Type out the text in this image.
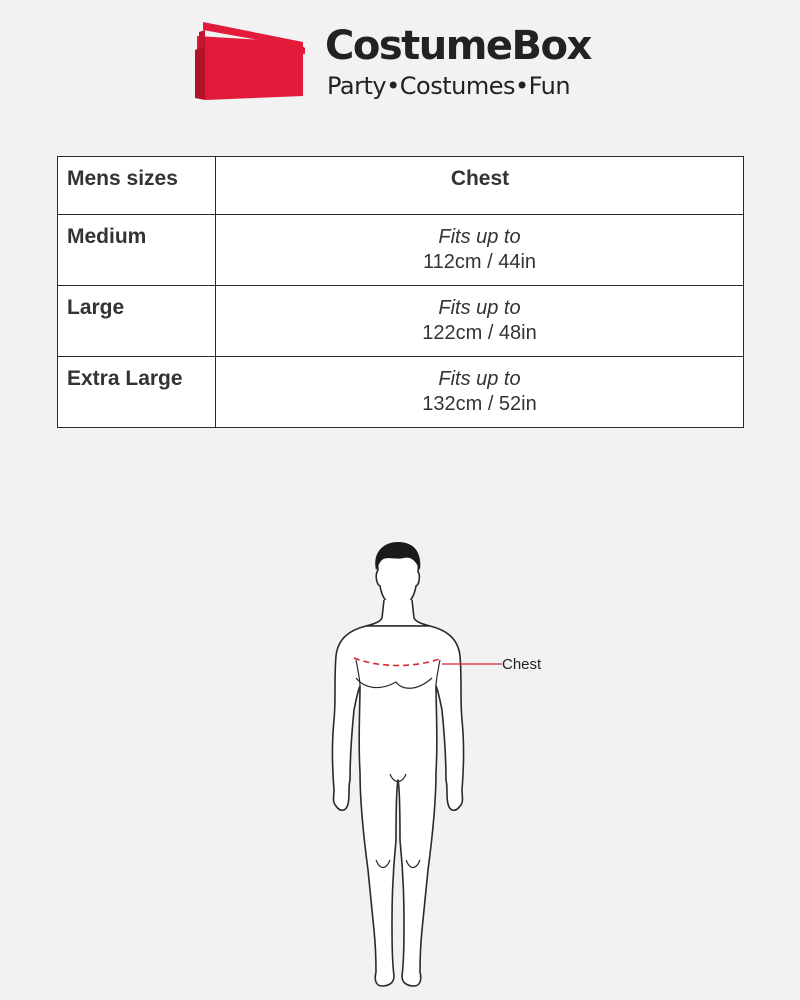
CostumeBox
Party•Costumes•Fun
Mens sizes	Chest
Medium	Fits up to
112cm / 44in

Large	Fits up to
122cm / 48in

Extra Large	Fits up to
132cm / 52in
Chest
